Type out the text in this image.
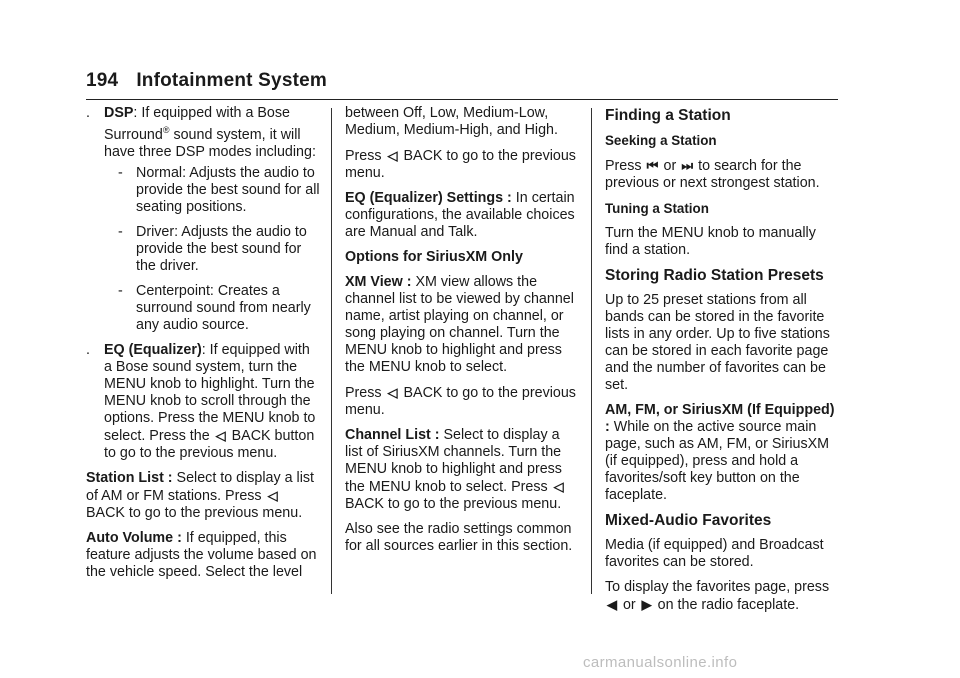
194 Infotainment System
. DSP: If equipped with a Bose Surround® sound system, it will have three DSP modes including:
- Normal: Adjusts the audio to provide the best sound for all seating positions.
- Driver: Adjusts the audio to provide the best sound for the driver.
- Centerpoint: Creates a surround sound from nearly any audio source.
. EQ (Equalizer): If equipped with a Bose sound system, turn the MENU knob to highlight. Turn the MENU knob to scroll through the options. Press the MENU knob to select. Press the ◁ BACK button to go to the previous menu.

Station List : Select to display a list of AM or FM stations. Press ◁ BACK to go to the previous menu.

Auto Volume : If equipped, this feature adjusts the volume based on the vehicle speed. Select the level

between Off, Low, Medium-Low, Medium, Medium-High, and High.

Press ◁ BACK to go to the previous menu.

EQ (Equalizer) Settings : In certain configurations, the available choices are Manual and Talk.

Options for SiriusXM Only

XM View : XM view allows the channel list to be viewed by channel name, artist playing on channel, or song playing on channel. Turn the MENU knob to highlight and press the MENU knob to select.

Press ◁ BACK to go to the previous menu.

Channel List : Select to display a list of SiriusXM channels. Turn the MENU knob to highlight and press the MENU knob to select. Press ◁ BACK to go to the previous menu.

Also see the radio settings common for all sources earlier in this section.

Finding a Station
Seeking a Station

Press ⏮ or ⏭ to search for the previous or next strongest station.

Tuning a Station

Turn the MENU knob to manually find a station.

Storing Radio Station Presets

Up to 25 preset stations from all bands can be stored in the favorite lists in any order. Up to five stations can be stored in each favorite page and the number of favorites can be set.

AM, FM, or SiriusXM (If Equipped) : While on the active source main page, such as AM, FM, or SiriusXM (if equipped), press and hold a favorites/soft key button on the faceplate.

Mixed-Audio Favorites

Media (if equipped) and Broadcast favorites can be stored.

To display the favorites page, press ◀ or ▶ on the radio faceplate.

carmanualsonline.info
